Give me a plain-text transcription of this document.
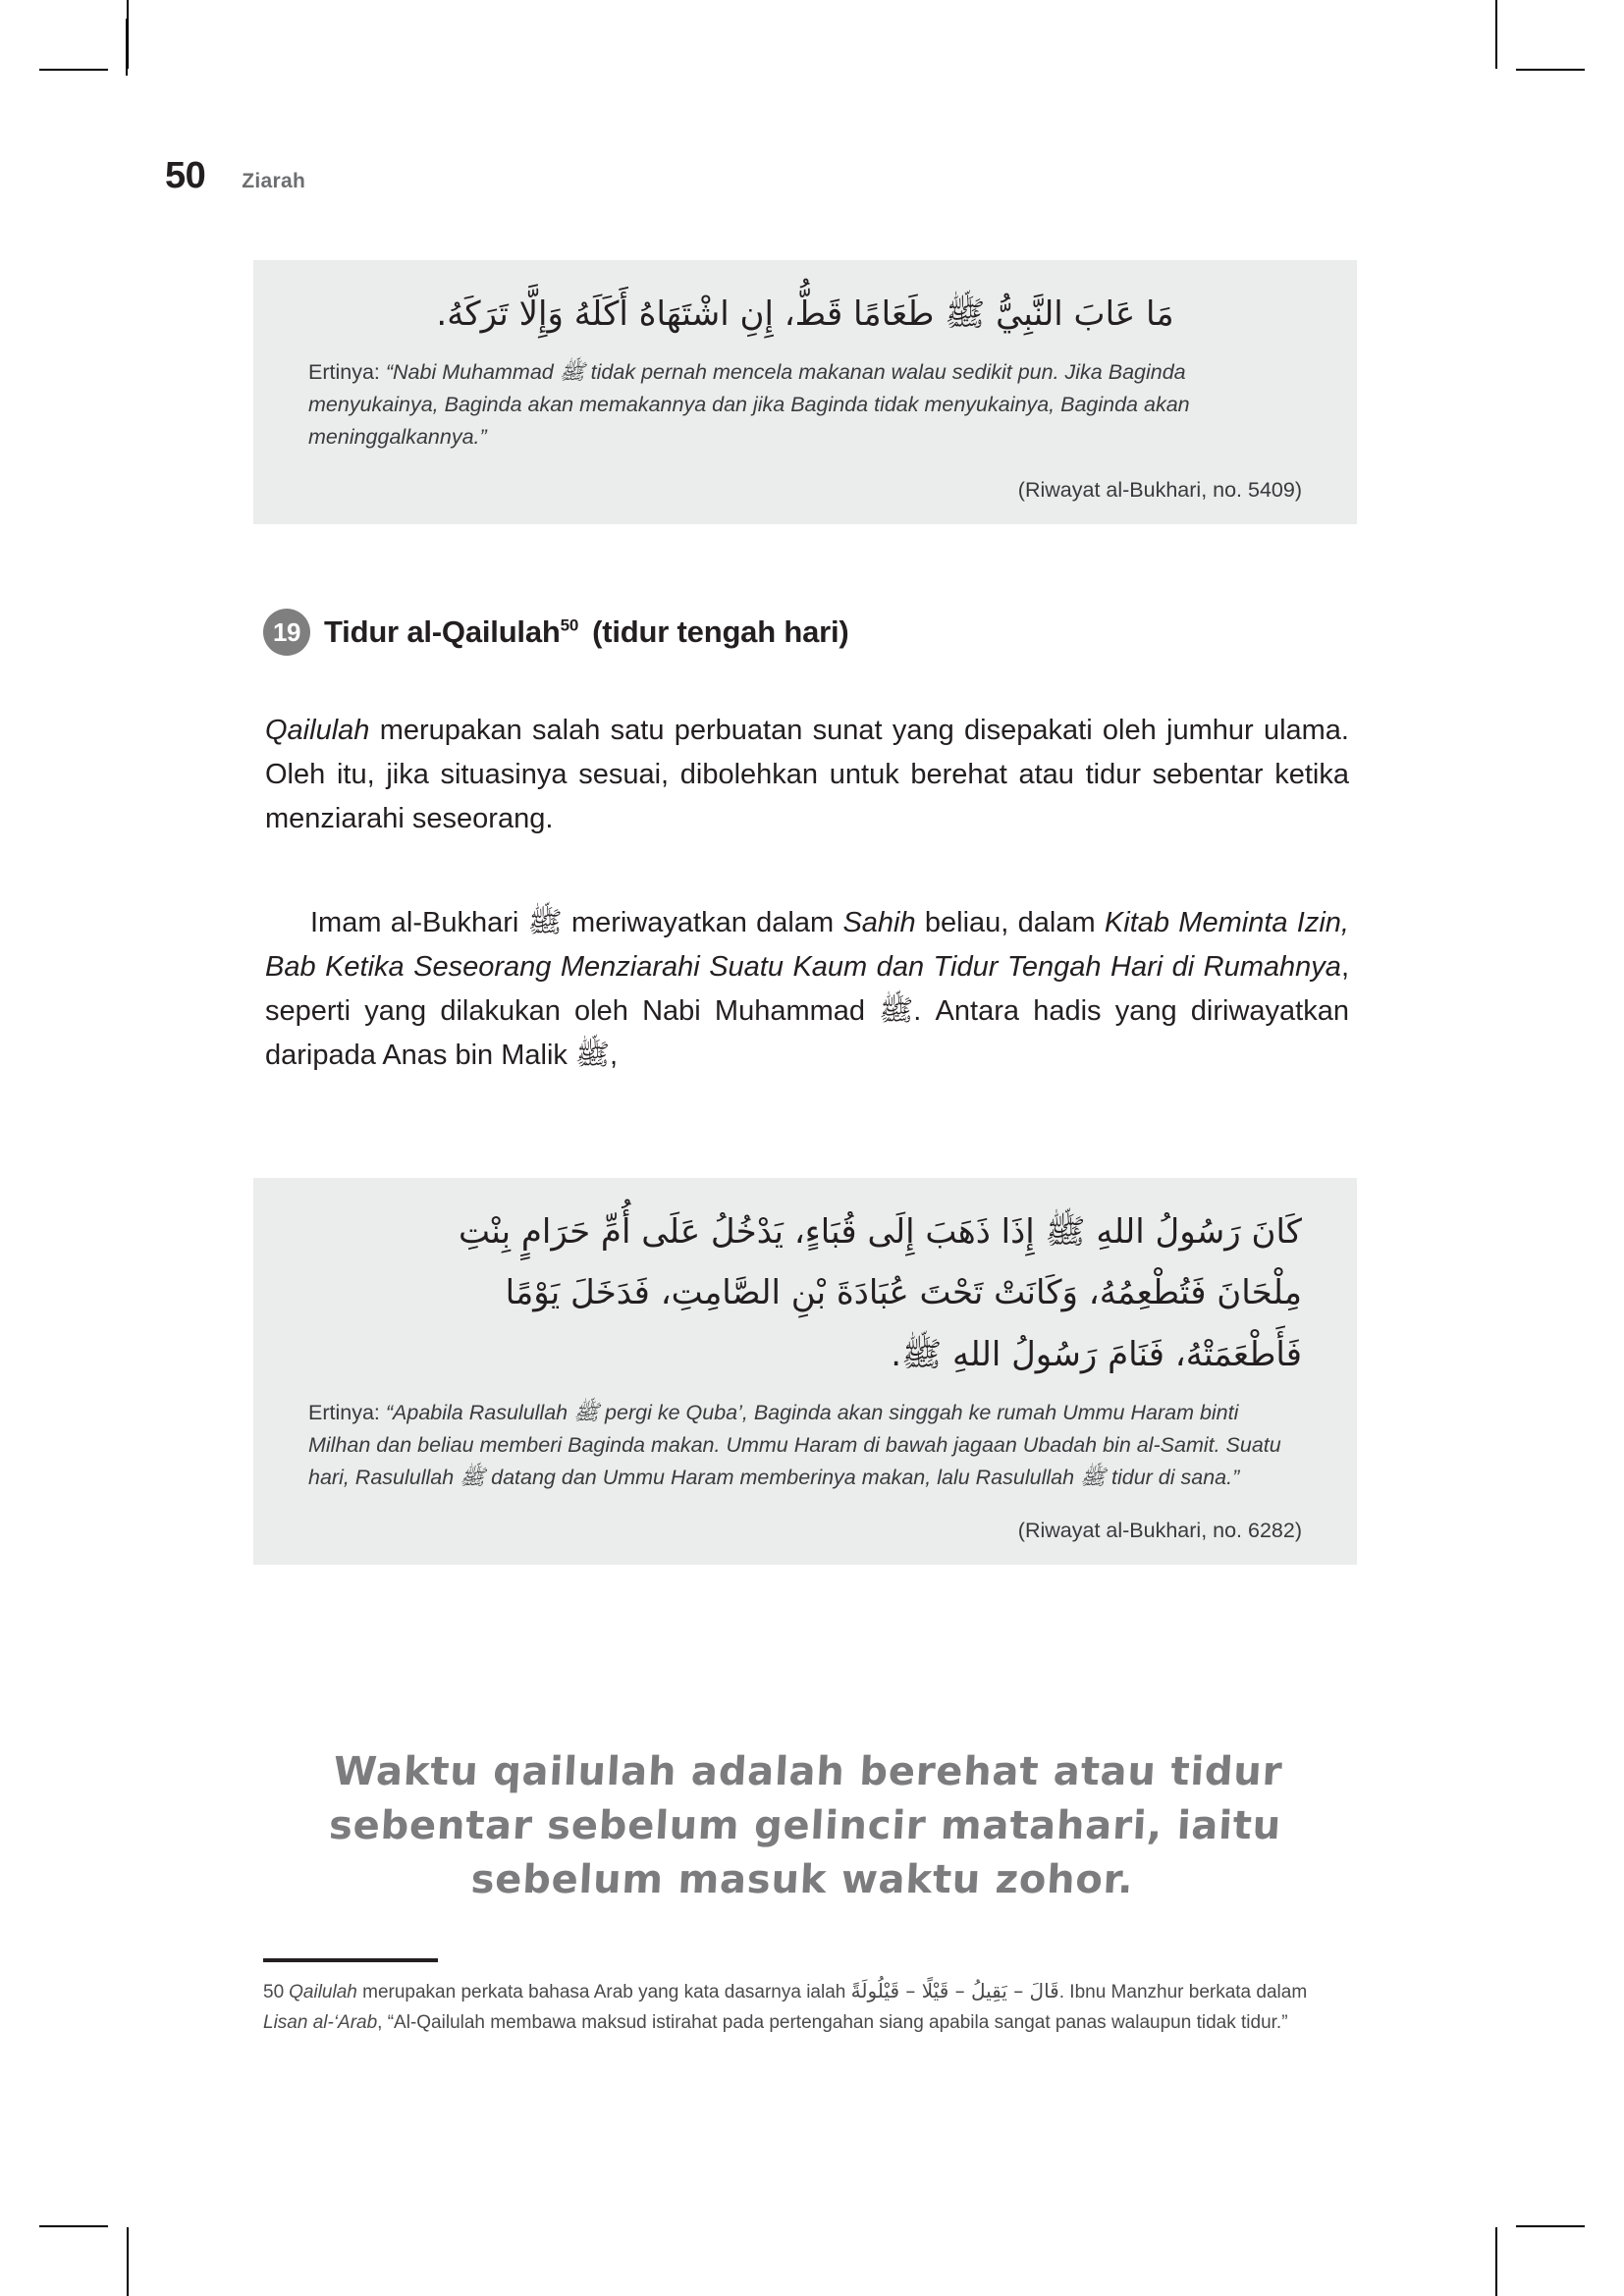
50 Ziarah

مَا عَابَ النَّبِيُّ ﷺ طَعَامًا قَطُّ، إِنِ اشْتَهَاهُ أَكَلَهُ وَإِلَّا تَرَكَهُ.

Ertinya: “Nabi Muhammad ﷺ tidak pernah mencela makanan walau sedikit pun. Jika Baginda menyukainya, Baginda akan memakannya dan jika Baginda tidak menyukainya, Baginda akan meninggalkannya.”

(Riwayat al-Bukhari, no. 5409)

19 Tidur al-Qailulah$^{50}$ (tidur tengah hari)

Qailulah merupakan salah satu perbuatan sunat yang disepakati oleh jumhur ulama. Oleh itu, jika situasinya sesuai, dibolehkan untuk berehat atau tidur sebentar ketika menziarahi seseorang.

Imam al-Bukhari ﷺ meriwayatkan dalam Sahih beliau, dalam Kitab Meminta Izin, Bab Ketika Seseorang Menziarahi Suatu Kaum dan Tidur Tengah Hari di Rumahnya, seperti yang dilakukan oleh Nabi Muhammad ﷺ. Antara hadis yang diriwayatkan daripada Anas bin Malik ﷺ,

كَانَ رَسُولُ اللهِ ﷺ إِذَا ذَهَبَ إِلَى قُبَاءٍ، يَدْخُلُ عَلَى أُمِّ حَرَامٍ بِنْتِ

مِلْحَانَ فَتُطْعِمُهُ، وَكَانَتْ تَحْتَ عُبَادَةَ بْنِ الصَّامِتِ، فَدَخَلَ يَوْمًا

فَأَطْعَمَتْهُ، فَنَامَ رَسُولُ اللهِ ﷺ.

Ertinya: “Apabila Rasulullah ﷺ pergi ke Quba’, Baginda akan singgah ke rumah Ummu Haram binti Milhan dan beliau memberi Baginda makan. Ummu Haram di bawah jagaan Ubadah bin al-Samit. Suatu hari, Rasulullah ﷺ datang dan Ummu Haram memberinya makan, lalu Rasulullah ﷺ tidur di sana.”

(Riwayat al-Bukhari, no. 6282)

Waktu qailulah adalah berehat atau tidur
sebentar sebelum gelincir matahari, iaitu
sebelum masuk waktu zohor.
50 Qailulah merupakan perkata bahasa Arab yang kata dasarnya ialah قَالَ – يَقِيلُ – قَيْلًا – قَيْلُولَةً. Ibnu Manzhur berkata dalam Lisan al-‘Arab, “Al-Qailulah membawa maksud istirahat pada pertengahan siang apabila sangat panas walaupun tidak tidur.”
